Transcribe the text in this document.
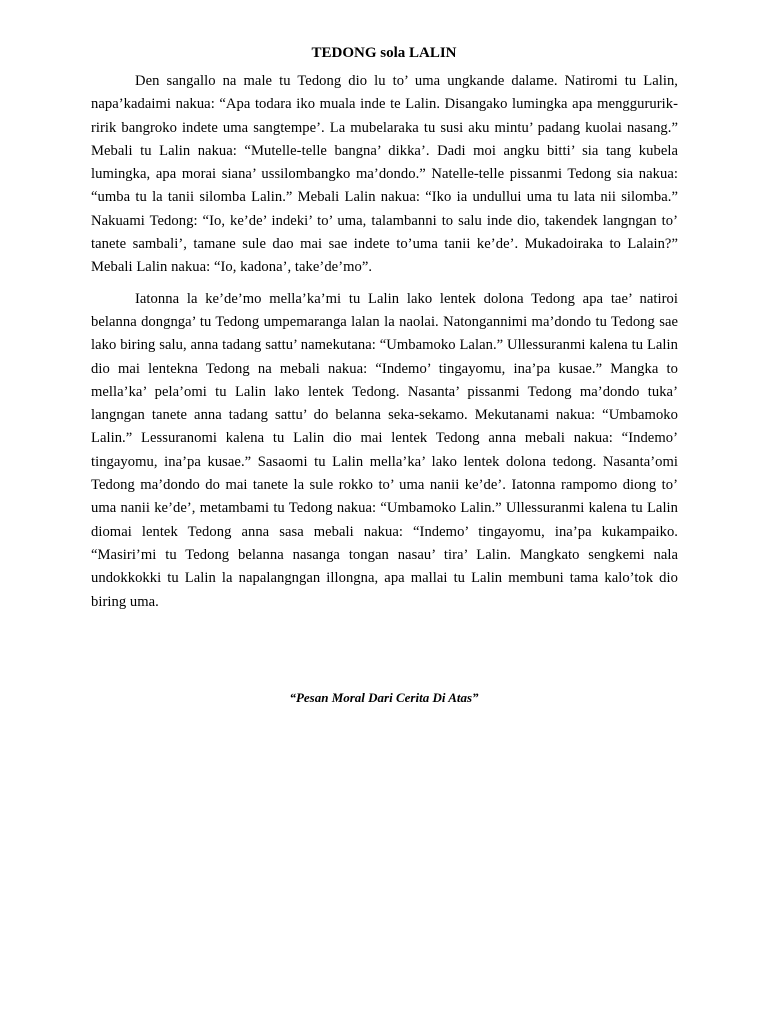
TEDONG sola LALIN

Den sangallo na male tu Tedong dio lu to’ uma ungkande dalame. Natiromi tu Lalin, napa’kadaimi nakua: “Apa todara iko muala inde te Lalin. Disangako lumingka apa menggururik-ririk bangroko indete uma sangtempe’. La mubelaraka tu susi aku mintu’ padang kuolai nasang.” Mebali tu Lalin nakua: “Mutelle-telle bangna’ dikka’. Dadi moi angku bitti’ sia tang kubela lumingka, apa morai siana’ ussilombangko ma’dondo.” Natelle-telle pissanmi Tedong sia nakua: “umba tu la tanii silomba Lalin.” Mebali Lalin nakua: “Iko ia undullui uma tu lata nii silomba.” Nakuami Tedong: “Io, ke’de’ indeki’ to’ uma, talambanni to salu inde dio, takendek langngan to’ tanete sambali’, tamane sule dao mai sae indete to’uma tanii ke’de’. Mukadoiraka to Lalain?” Mebali Lalin nakua: “Io, kadona’, take’de’mo”.

Iatonna la ke’de’mo mella’ka’mi tu Lalin lako lentek dolona Tedong apa tae’ natiroi belanna dongnga’ tu Tedong umpemaranga lalan la naolai. Natongannimi ma’dondo tu Tedong sae lako biring salu, anna tadang sattu’ namekutana: “Umbamoko Lalan.” Ullessuranmi kalena tu Lalin dio mai lentekna Tedong na mebali nakua: “Indemo’ tingayomu, ina’pa kusae.” Mangka to mella’ka’ pela’omi tu Lalin lako lentek Tedong. Nasanta’ pissanmi Tedong ma’dondo tuka’ langngan tanete anna tadang sattu’ do belanna seka-sekamo. Mekutanami nakua: “Umbamoko Lalin.” Lessuranomi kalena tu Lalin dio mai lentek Tedong anna mebali nakua: “Indemo’ tingayomu, ina’pa kusae.” Sasaomi tu Lalin mella’ka’ lako lentek dolona tedong. Nasanta’omi Tedong ma’dondo do mai tanete la sule rokko to’ uma nanii ke’de’. Iatonna rampomo diong to’ uma nanii ke’de’, metambami tu Tedong nakua: “Umbamoko Lalin.” Ullessuranmi kalena tu Lalin diomai lentek Tedong anna sasa mebali nakua: “Indemo’ tingayomu, ina’pa kukampaiko. “Masiri’mi tu Tedong belanna nasanga tongan nasau’ tira’ Lalin. Mangkato sengkemi nala undokkokki tu Lalin la napalangngan illongna, apa mallai tu Lalin membuni tama kalo’tok dio biring uma.

“Pesan Moral Dari Cerita Di Atas”
